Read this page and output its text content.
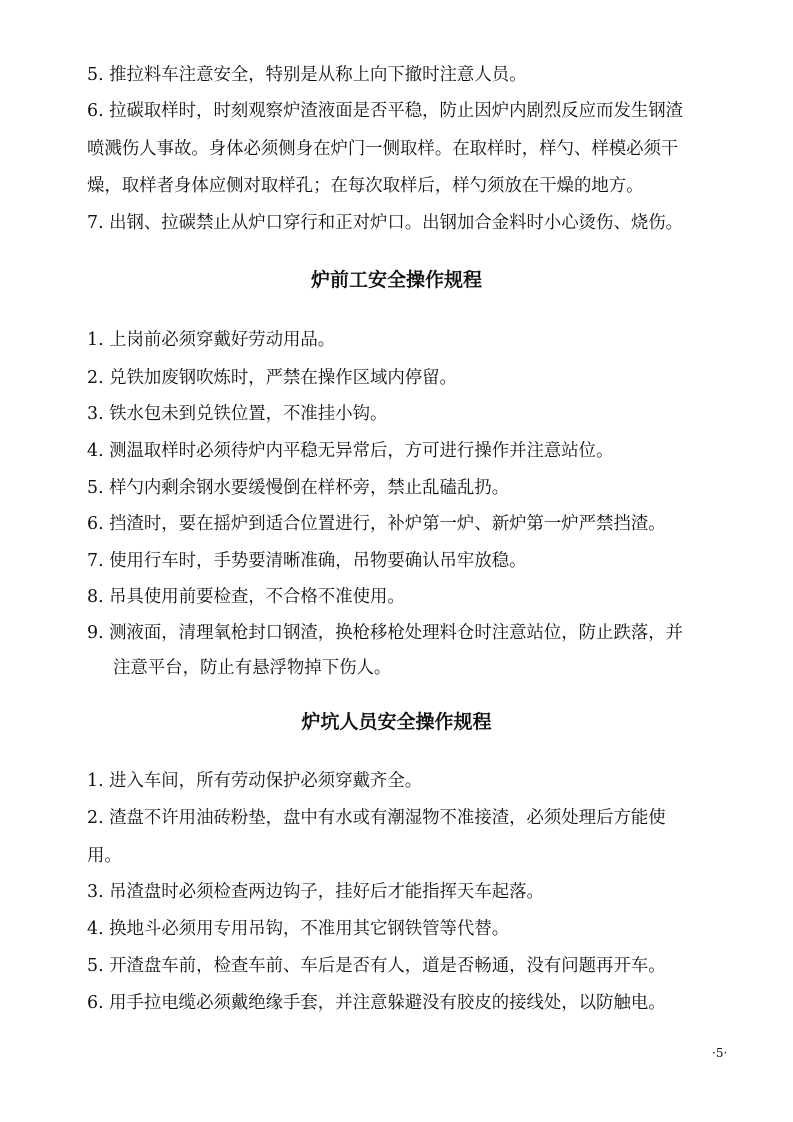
5. 推拉料车注意安全，特别是从称上向下撤时注意人员。
6. 拉碳取样时，时刻观察炉渣液面是否平稳，防止因炉内剧烈反应而发生钢渣
喷溅伤人事故。身体必须侧身在炉门一侧取样。在取样时，样勺、样模必须干
燥，取样者身体应侧对取样孔；在每次取样后，样勺须放在干燥的地方。
7. 出钢、拉碳禁止从炉口穿行和正对炉口。出钢加合金料时小心烫伤、烧伤。
炉前工安全操作规程
1. 上岗前必须穿戴好劳动用品。
2. 兑铁加废钢吹炼时，严禁在操作区域内停留。
3. 铁水包未到兑铁位置，不准挂小钩。
4. 测温取样时必须待炉内平稳无异常后，方可进行操作并注意站位。
5. 样勺内剩余钢水要缓慢倒在样杯旁，禁止乱磕乱扔。
6. 挡渣时，要在摇炉到适合位置进行，补炉第一炉、新炉第一炉严禁挡渣。
7. 使用行车时，手势要清晰准确，吊物要确认吊牢放稳。
8. 吊具使用前要检查，不合格不准使用。
9. 测液面，清理氧枪封口钢渣，换枪移枪处理料仓时注意站位，防止跌落，并
注意平台，防止有悬浮物掉下伤人。
炉坑人员安全操作规程
1. 进入车间，所有劳动保护必须穿戴齐全。
2. 渣盘不许用油砖粉垫，盘中有水或有潮湿物不准接渣，必须处理后方能使
用。
3. 吊渣盘时必须检查两边钩子，挂好后才能指挥天车起落。
4. 换地斗必须用专用吊钩，不准用其它钢铁管等代替。
5. 开渣盘车前，检查车前、车后是否有人，道是否畅通，没有问题再开车。
6. 用手拉电缆必须戴绝缘手套，并注意躲避没有胶皮的接线处，以防触电。
·5·
